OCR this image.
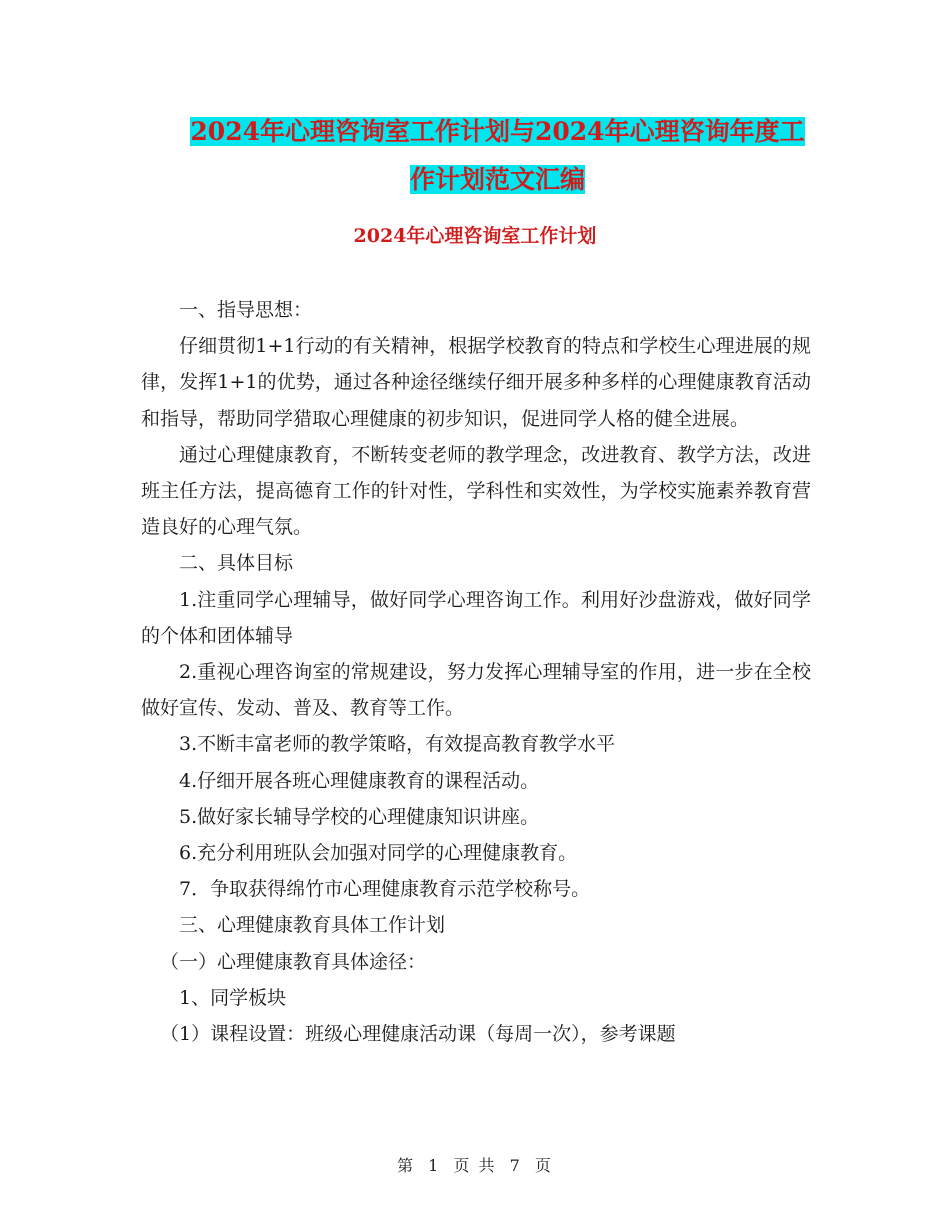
2024年心理咨询室工作计划与2024年心理咨询年度工
作计划范文汇编
2024年心理咨询室工作计划

一、指导思想：

仔细贯彻1+1行动的有关精神，根据学校教育的特点和学校生心理进展的规律，发挥1+1的优势，通过各种途径继续仔细开展多种多样的心理健康教育活动和指导，帮助同学猎取心理健康的初步知识，促进同学人格的健全进展。

通过心理健康教育，不断转变老师的教学理念，改进教育、教学方法，改进班主任方法，提高德育工作的针对性，学科性和实效性，为学校实施素养教育营造良好的心理气氛。

二、具体目标

1.注重同学心理辅导，做好同学心理咨询工作。利用好沙盘游戏，做好同学的个体和团体辅导

2.重视心理咨询室的常规建设，努力发挥心理辅导室的作用，进一步在全校做好宣传、发动、普及、教育等工作。

3.不断丰富老师的教学策略，有效提高教育教学水平

4.仔细开展各班心理健康教育的课程活动。

5.做好家长辅导学校的心理健康知识讲座。

6.充分利用班队会加强对同学的心理健康教育。

7．争取获得绵竹市心理健康教育示范学校称号。

三、心理健康教育具体工作计划

（一）心理健康教育具体途径：

1、同学板块

（1）课程设置：班级心理健康活动课（每周一次），参考课题

第 1 页 共 7 页
